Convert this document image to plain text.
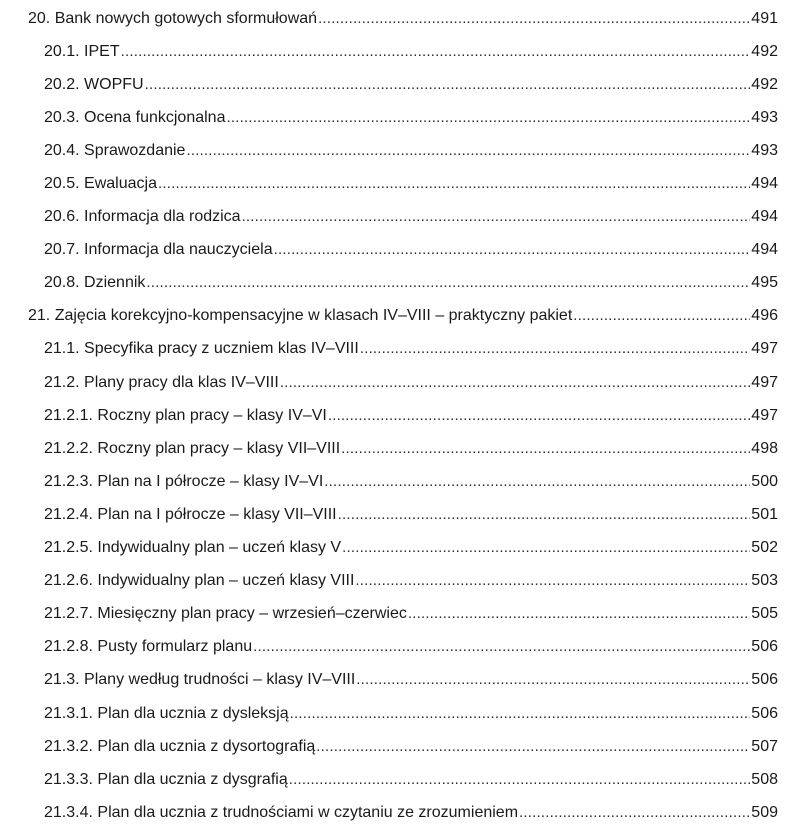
20. Bank nowych gotowych sformułowań .....	491
20.1. IPET .....	492
20.2. WOPFU .....	492
20.3. Ocena funkcjonalna .....	493
20.4. Sprawozdanie .....	493
20.5. Ewaluacja .....	494
20.6. Informacja dla rodzica .....	494
20.7. Informacja dla nauczyciela .....	494
20.8. Dziennik .....	495
21. Zajęcia korekcyjno-kompensacyjne w klasach IV–VIII – praktyczny pakiet .....	496
21.1. Specyfika pracy z uczniem klas IV–VIII .....	497
21.2. Plany pracy dla klas IV–VIII .....	497
21.2.1. Roczny plan pracy – klasy IV–VI .....	497
21.2.2. Roczny plan pracy – klasy VII–VIII .....	498
21.2.3. Plan na I półrocze – klasy IV–VI .....	500
21.2.4. Plan na I półrocze – klasy VII–VIII .....	501
21.2.5. Indywidualny plan – uczeń klasy V .....	502
21.2.6. Indywidualny plan – uczeń klasy VIII .....	503
21.2.7. Miesięczny plan pracy – wrzesień–czerwiec .....	505
21.2.8. Pusty formularz planu .....	506
21.3. Plany według trudności – klasy IV–VIII .....	506
21.3.1. Plan dla ucznia z dysleksją .....	506
21.3.2. Plan dla ucznia z dysortografią .....	507
21.3.3. Plan dla ucznia z dysgrafią .....	508
21.3.4. Plan dla ucznia z trudnościami w czytaniu ze zrozumieniem .....	509
